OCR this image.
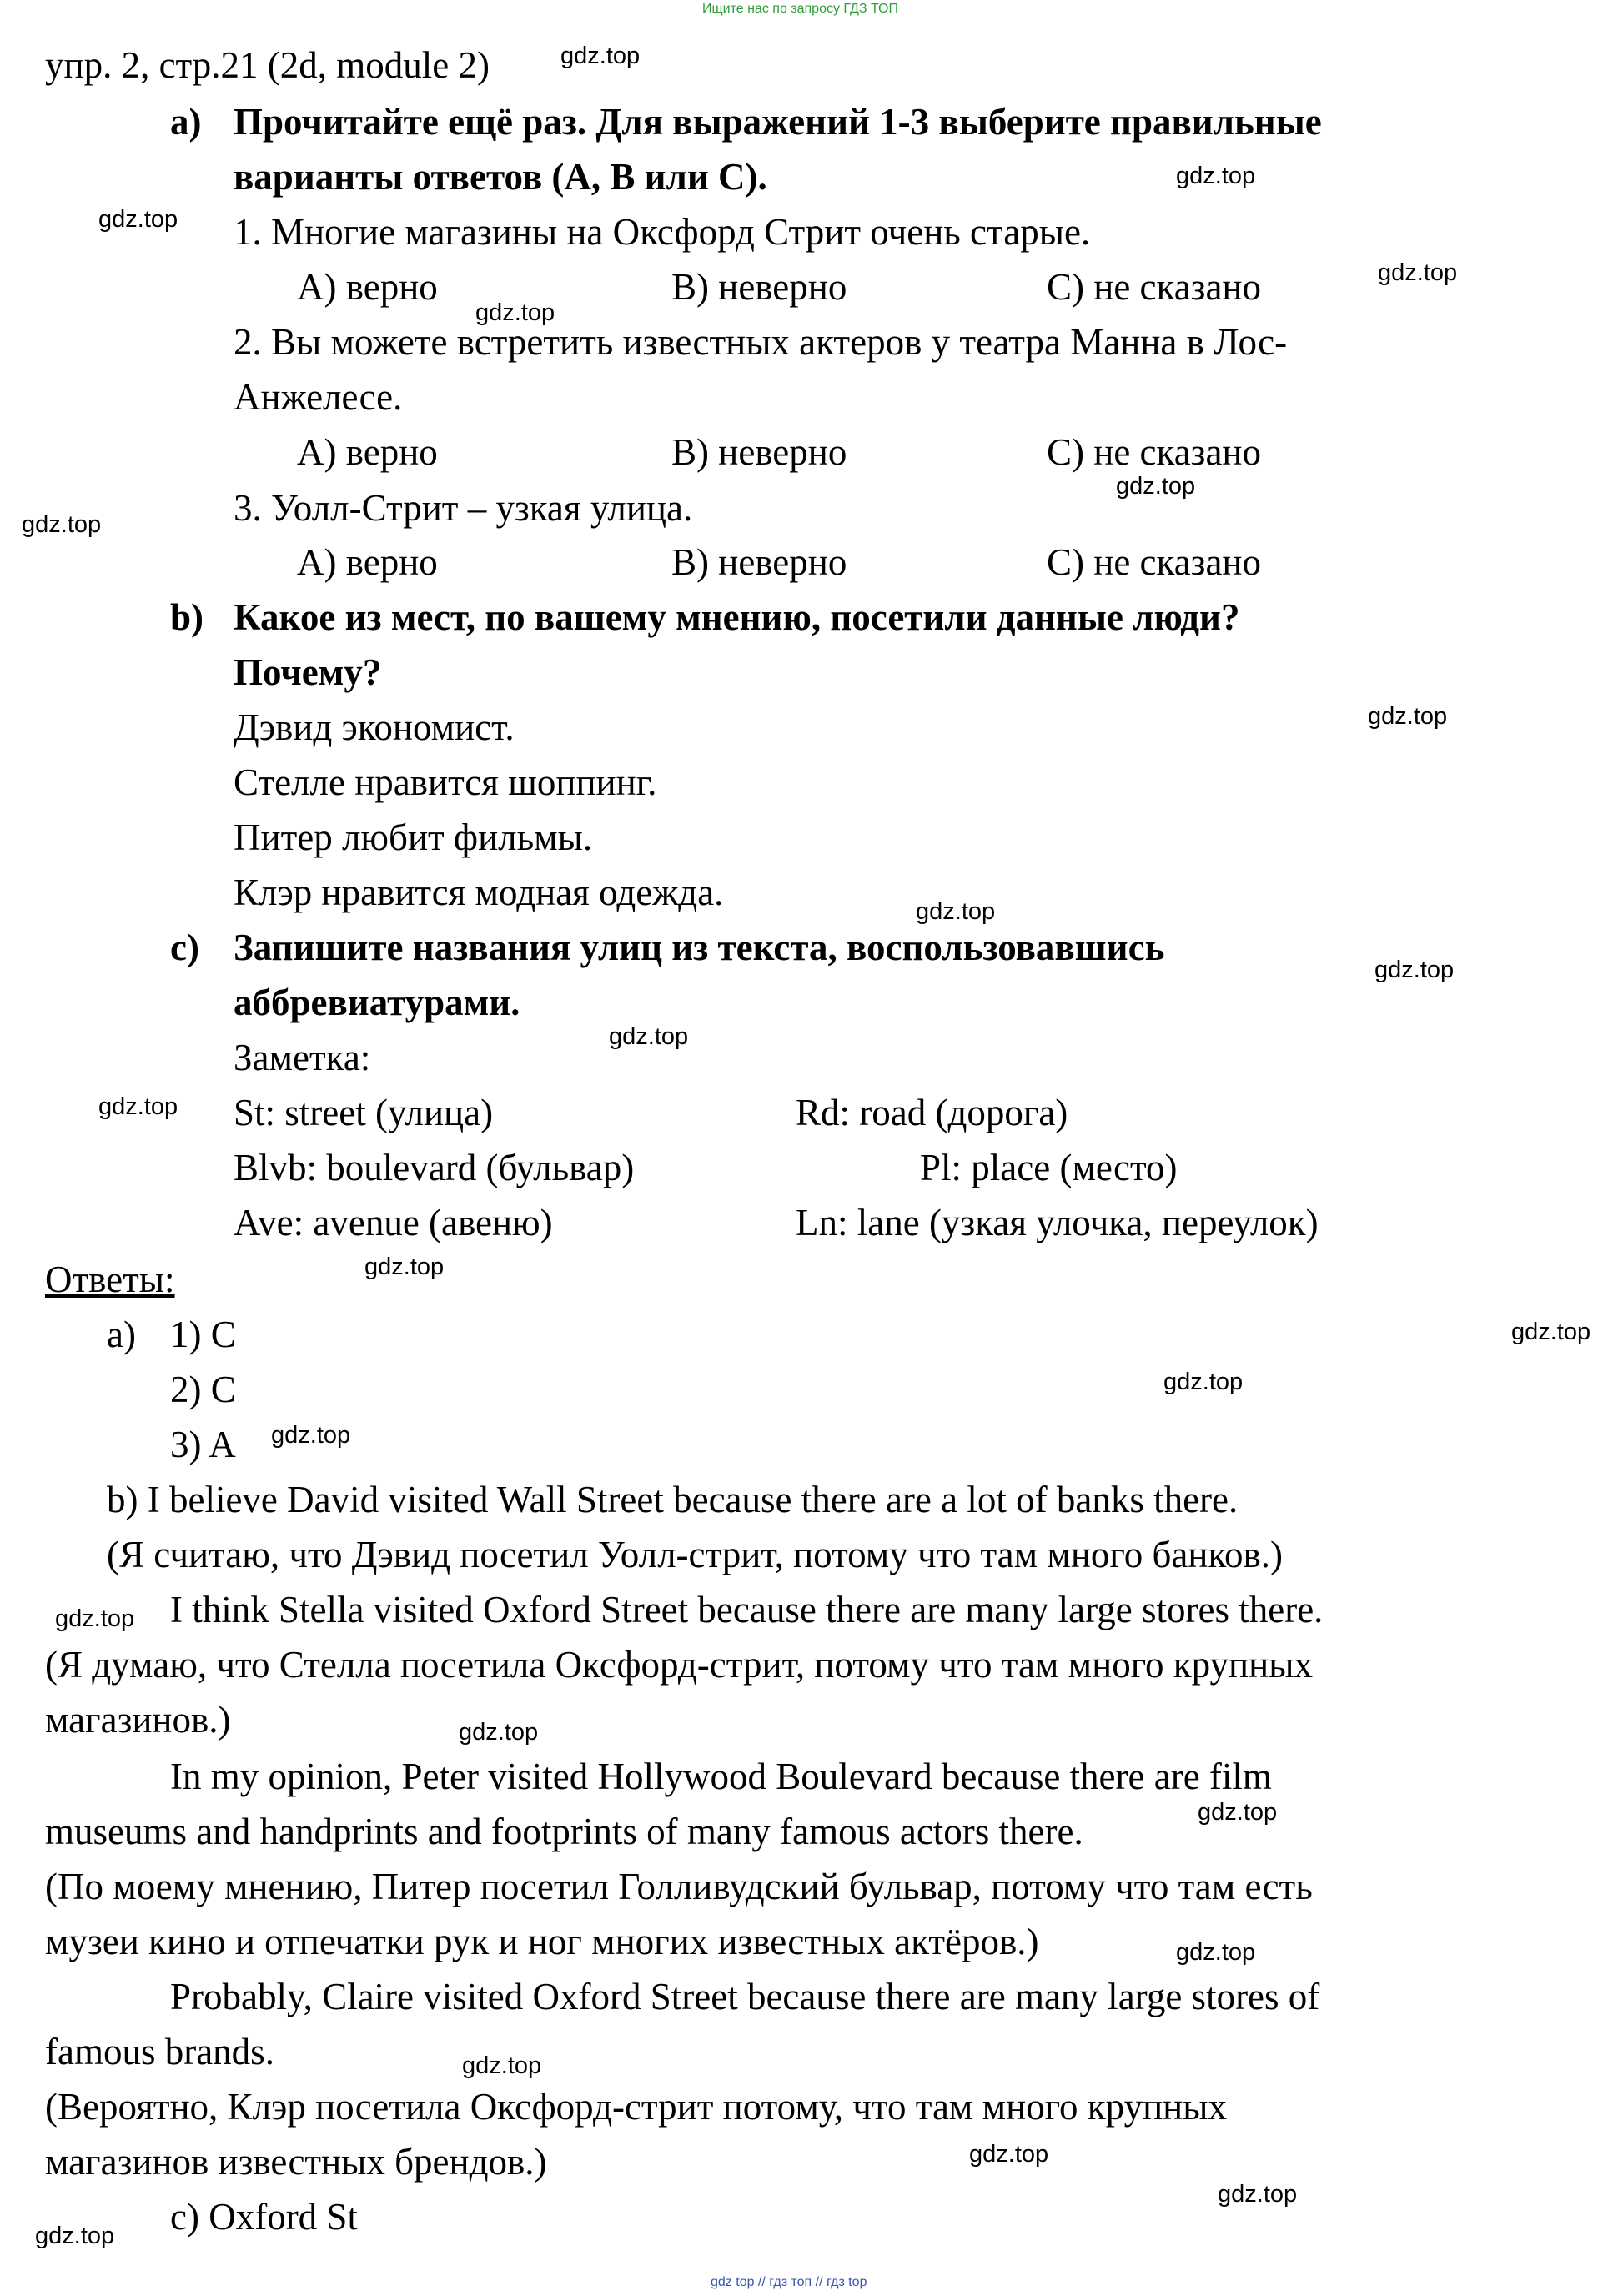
Ищите нас по запросу ГДЗ ТОП
упр. 2, стр.21 (2d, module 2)	gdz.top
a) Прочитайте ещё раз. Для выражений 1-3 выберите правильные
варианты ответов (A, B или C).
1. Многие магазины на Оксфорд Стрит очень старые.
A) верно	B) неверно	C) не сказано
2. Вы можете встретить известных актеров у театра Манна в Лос-
Анжелесе.
A) верно	B) неверно	C) не сказано
3. Уолл-Стрит – узкая улица.
A) верно	B) неверно	C) не сказано
b) Какое из мест, по вашему мнению, посетили данные люди?
Почему?
Дэвид экономист.
Стелле нравится шоппинг.
Питер любит фильмы.
Клэр нравится модная одежда.
c) Запишите названия улиц из текста, воспользовавшись
аббревиатурами.
Заметка:
St: street (улица)	Rd: road (дорога)
Blvb: boulevard (бульвар)	Pl: place (место)
Ave: avenue (авеню)	Ln: lane (узкая улочка, переулок)
Ответы:
a) 1) C
2) C
3) A
b) I believe David visited Wall Street because there are a lot of banks there.
(Я считаю, что Дэвид посетил Уолл-стрит, потому что там много банков.)
I think Stella visited Oxford Street because there are many large stores there.
(Я думаю, что Стелла посетила Оксфорд-стрит, потому что там много крупных
магазинов.)
In my opinion, Peter visited Hollywood Boulevard because there are film
museums and handprints and footprints of many famous actors there.
(По моему мнению, Питер посетил Голливудский бульвар, потому что там есть
музеи кино и отпечатки рук и ног многих известных актёров.)
Probably, Claire visited Oxford Street because there are many large stores of
famous brands.
(Вероятно, Клэр посетила Оксфорд-стрит потому, что там много крупных
магазинов известных брендов.)
c) Oxford St
gdz.top
gdz.top
gdz.top
gdz.top
gdz.top
gdz.top
gdz.top
gdz.top
gdz.top
gdz.top
gdz.top
gdz.top
gdz.top
gdz.top
gdz.top
gdz.top
gdz.top
gdz.top
gdz.top
gdz.top
gdz.top
gdz.top
gdz.top
gdz top // гдз топ // гдз top
